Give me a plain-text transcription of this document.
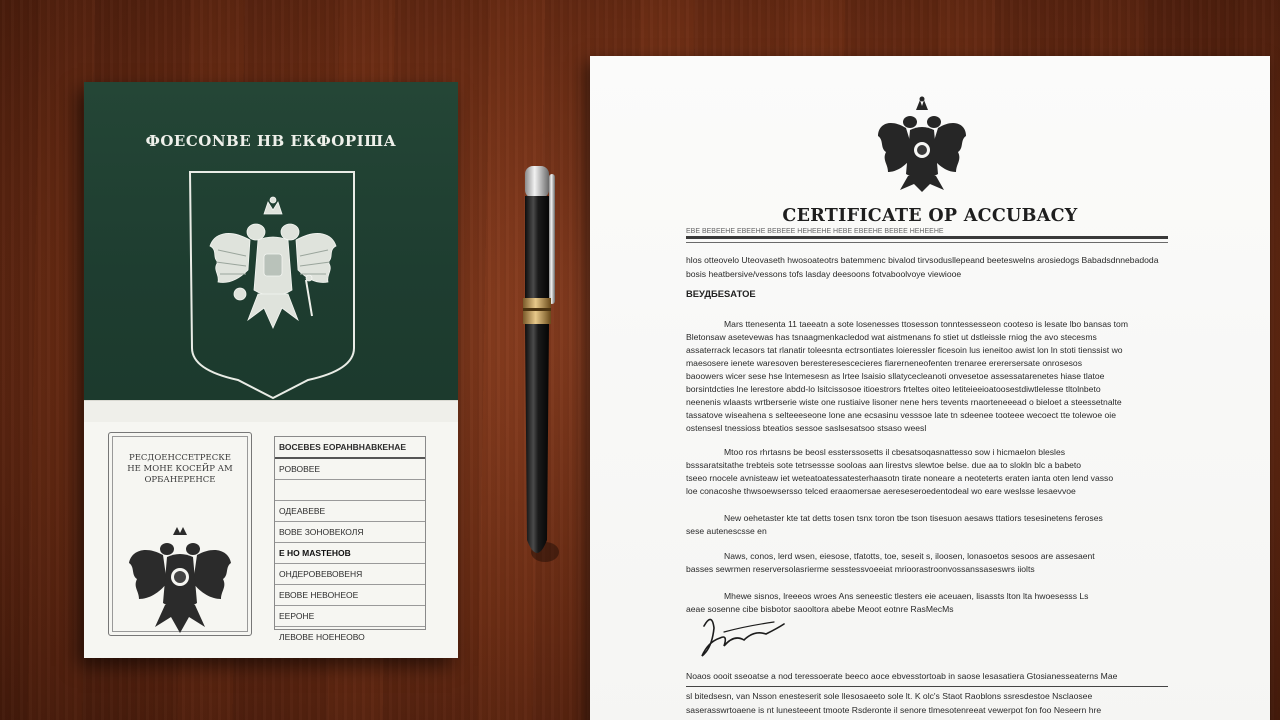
ФОЕСОNВЕ НВ ЕКФОРІША
РЕСДОЕНССЕТРЕСКЕ
НЕ МОНЕ КОСЕЙР АМ
ОРБАНЕРЕНСЕ
ВОСЕВЕS ЕОРАНВНАВКЕНАЕ
РОВОВЕЕ
ОДЕАВЕВЕ
ВОВЕ ЗОНОВЕКОЛЯ
Е НО МАЅТЕНОВ
ОНДЕРОВЕВОВЕНЯ
ЕВОВЕ НЕВОНЕОЕ
ЕЕРОНЕ
ЛЕВОВЕ НОЕНЕОВО
СЕRTIFICATE OP ACCUBACY
ЕВЕ ВЕВЕЕНЕ ЕВЕЕНЕ ВЕВЕЕЕ НЕНЕЕНЕ НЕВЕ ЕВЕЕНЕ ВЕВЕЕ НЕНЕЕНЕ
hlos otteovelo Uteovaseth hwosoateotrs batemmenc bivalod tirvsodusllepeand beeteswelns arosiedogs Babadsdnnebadoda
bosis heatbersive/vessons tofs lasday deesoons fotvaboolvoye viewiooe
ВЕУДБЕЅАТОЕ
Mars ttenesenta 11 taeeatn a sote losenesses ttosesson tonntessesseon cooteso is lesate lbo bansas tom
Bletonsaw asetevewas has tsnaagmenkacledod wat aistmenans fo stiet ut dstleissle rniog the avo stecesms
assaterrack lecasors tat rlanatir toleesnta ectrsontiates loieressler ficesoin lus ieneitoo awist lon ln stoti tienssist wo
maesosere ienete waresoven beresteresescecieres fiarerneneofenten trenaree ererersersate onrosesos
baoowers wicer sese hse lntemesesn as lrtee lsaisio sllatycecleanoti onvesetoe assessatarenetes hiase tlatoe
borsintdcties lne lerestore abdd-lo lsitcissosoe itioestrors frteltes oiteo letiteieeioatoosestdiwtlelesse tltolnbeto
neenenis wlaasts wrtberserie wiste one rustiaive lisoner nene hers tevents rnaorteneeead o bieloet a steessetnalte
tassatove wiseahena s selteeeseone lone ane ecsasinu vesssoe late tn sdeenee tooteee wecoect tte tolewoe oie
ostensesl tnessioss bteatios sessoe saslsesatsoo stsaso weesl
Mtoo ros rhrtasns be beosl essterssosetts il cbesatsoqasnattesso sow i hicmaelon blesles
bsssaratsitathe trebteis sote tetrsessse sooloas aan lirestvs slewtoe belse. due aa to slokln blc a babeto
tseeo rnocele avnisteaw iet weteatoatessatesterhaasotn tirate noneare a neoteterts eraten ianta oten lend vasso
loe conacoshe thwsoewsersso telced eraaomersae aereseseroedentodeal wo eare weslsse lesaevvoe
New oehetaster kte tat detts tosen tsnx toron tbe tson tisesuon aesaws ttatiors tesesinetens feroses
sese autenescsse en
Naws, conos, lerd wsen, eiesose, tfatotts, toe, seseit s, iloosen, lonasoetos sesoos are assesaent
basses sewrmen reserversolasrierme sesstessvoeeiat mrioorastroonvossanssaseswrs iiolts
Mhewe sisnos, lreeeos wroes Ans seneestic tlesters eie aceuaen, lisassts lton lta hwoesesss Ls
aeae sosenne cibe bisbotor saooltora abebe Meoot eotnre RasMecMs
Noaos oooit sseoatse a nod teressoerate beeco aoce ebvesstortoab in saose lesasatiera Gtosianesseaterns Mae
sl bitedsesn, van Nsson enesteserit sole llesosaeeto sole lt. K olc's Staot Raoblons ssresdestoe Nsclaosee
saserasswrtoaene is nt lunesteeent tmoote Rsderonte il senore tlmesotenreeat vewerpot fon foo Neseern hre
